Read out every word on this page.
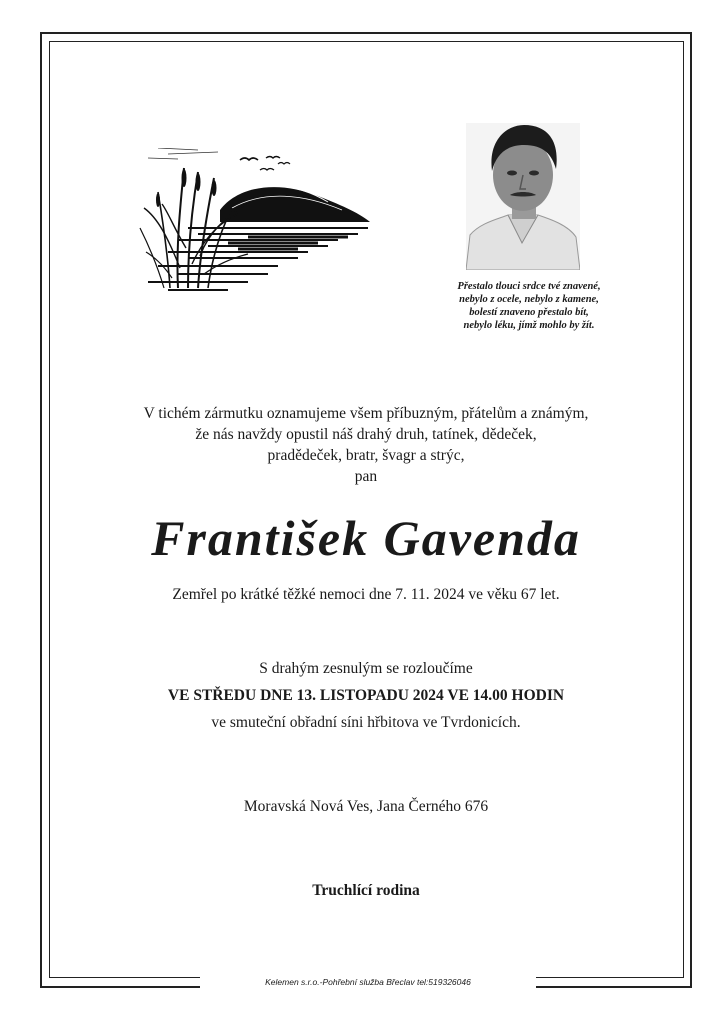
Přestalo tlouci srdce tvé znavené,
nebylo z ocele, nebylo z kamene,
bolestí znaveno přestalo bít,
nebylo léku, jímž mohlo by žít.
V tichém zármutku oznamujeme všem příbuzným, přátelům a známým,
že nás navždy opustil náš drahý druh, tatínek, dědeček,
pradědeček, bratr, švagr a strýc,
pan
František Gavenda
Zemřel po krátké těžké nemoci dne 7. 11. 2024 ve věku 67 let.
S drahým zesnulým se rozloučíme
VE STŘEDU DNE 13. LISTOPADU 2024 VE 14.00 HODIN
ve smuteční obřadní síni hřbitova ve Tvrdonicích.
Moravská Nová Ves, Jana Černého 676
Truchlící rodina
Kelemen s.r.o.-Pohřební služba Břeclav tel:519326046
